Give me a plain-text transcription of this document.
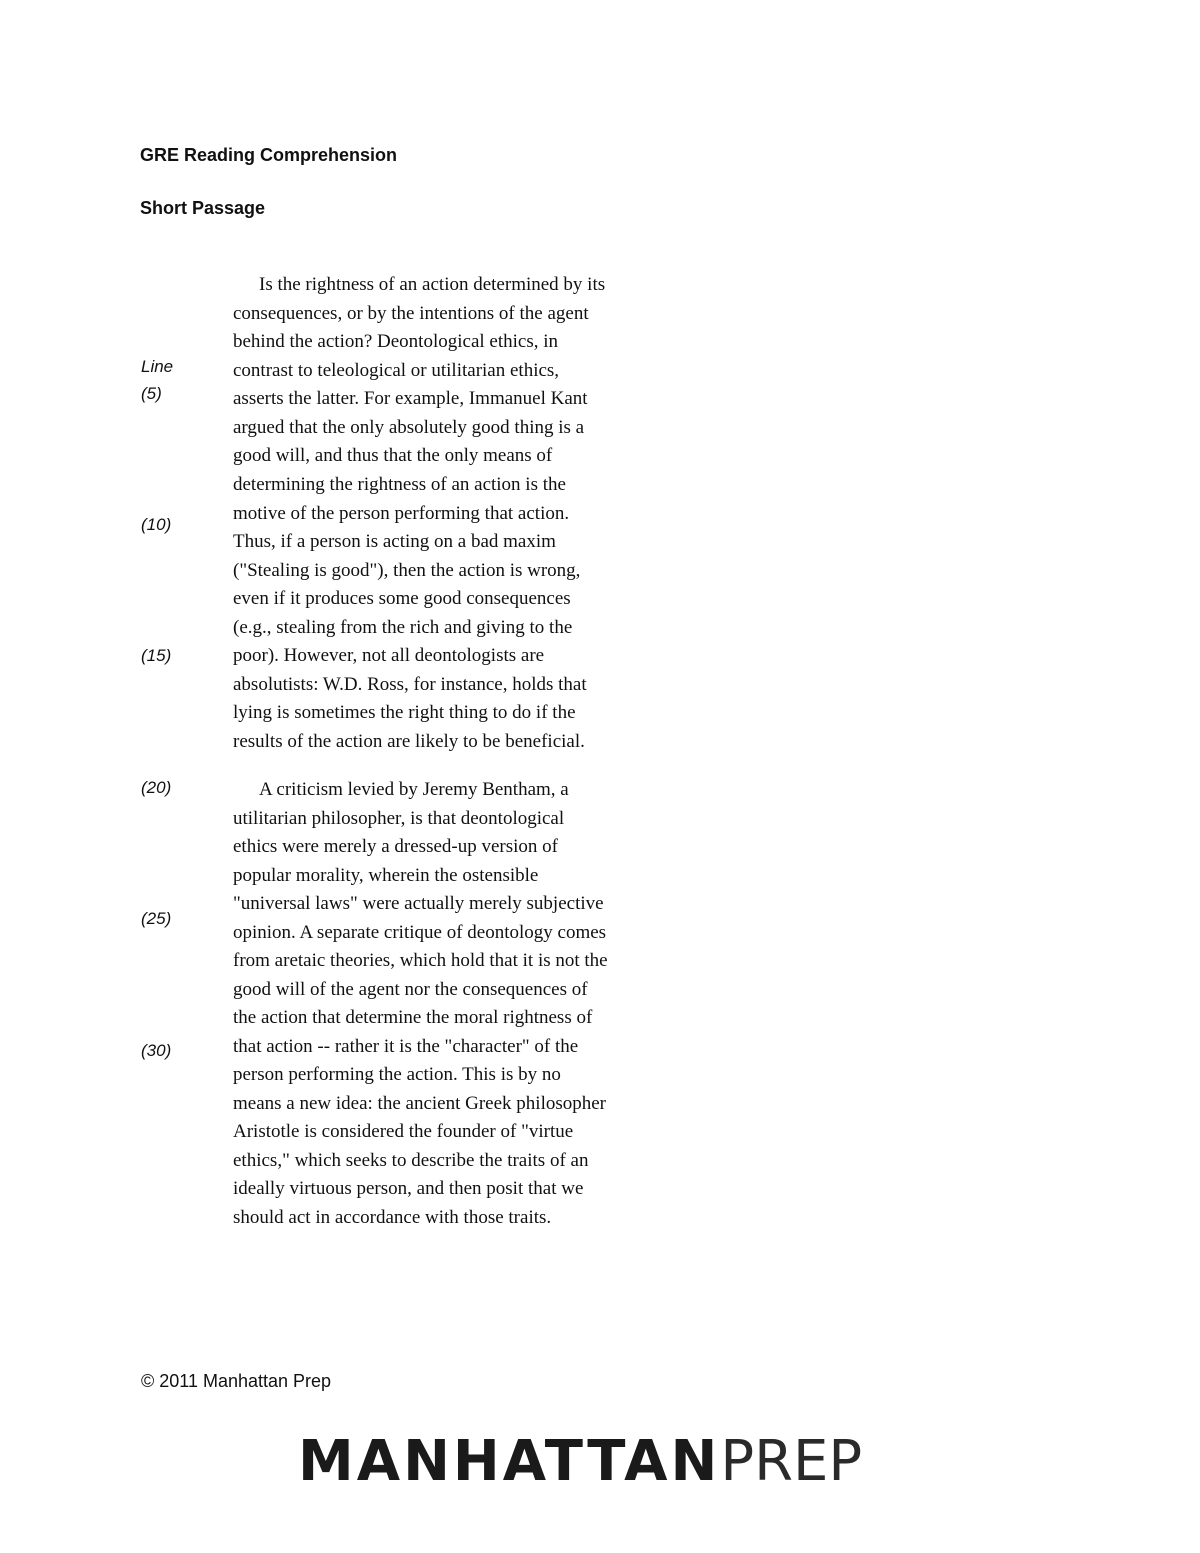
GRE Reading Comprehension
Short Passage
Line
(5)
(10)
(15)
(20)
(25)
(30)
Is the rightness of an action determined by its
consequences, or by the intentions of the agent
behind the action? Deontological ethics, in
contrast to teleological or utilitarian ethics,
asserts the latter. For example, Immanuel Kant
argued that the only absolutely good thing is a
good will, and thus that the only means of
determining the rightness of an action is the
motive of the person performing that action.
Thus, if a person is acting on a bad maxim
("Stealing is good"), then the action is wrong,
even if it produces some good consequences
(e.g., stealing from the rich and giving to the
poor). However, not all deontologists are
absolutists: W.D. Ross, for instance, holds that
lying is sometimes the right thing to do if the
results of the action are likely to be beneficial.
A criticism levied by Jeremy Bentham, a
utilitarian philosopher, is that deontological
ethics were merely a dressed-up version of
popular morality, wherein the ostensible
"universal laws" were actually merely subjective
opinion. A separate critique of deontology comes
from aretaic theories, which hold that it is not the
good will of the agent nor the consequences of
the action that determine the moral rightness of
that action -- rather it is the "character" of the
person performing the action. This is by no
means a new idea: the ancient Greek philosopher
Aristotle is considered the founder of "virtue
ethics," which seeks to describe the traits of an
ideally virtuous person, and then posit that we
should act in accordance with those traits.
© 2011 Manhattan Prep
MANHATTANPREP
